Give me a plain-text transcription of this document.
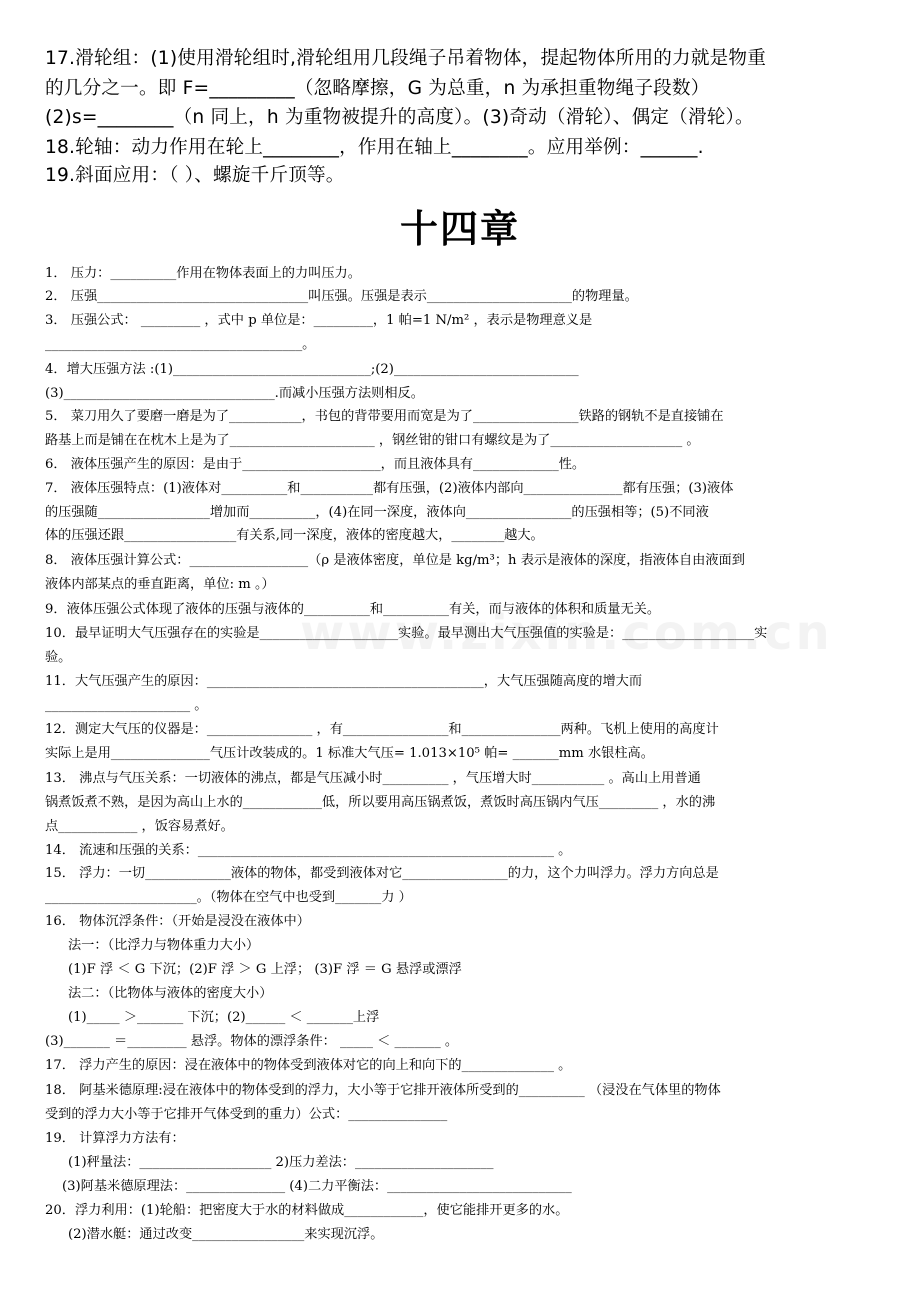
17.滑轮组：(1)使用滑轮组时,滑轮组用几段绳子吊着物体，提起物体所用的力就是物重
的几分之一。即 F=_________（忽略摩擦，G 为总重，n 为承担重物绳子段数）
(2)s=________（n 同上，h 为重物被提升的高度）。(3)奇动（滑轮）、偶定（滑轮）。
18.轮轴：动力作用在轮上________，作用在轴上________。应用举例：______.
19.斜面应用：（ ）、螺旋千斤顶等。
十四章
1． 压力：__________作用在物体表面上的力叫压力。
2． 压强________________________________叫压强。压强是表示______________________的物理量。
3． 压强公式： _________ ，式中 p 单位是：_________，1 帕=1 N/m² ，表示是物理意义是
_______________________________________。
4．增大压强方法 :(1)______________________________;(2)____________________________
(3)________________________________.而减小压强方法则相反。
5． 菜刀用久了要磨一磨是为了___________，书包的背带要用而宽是为了________________铁路的钢轨不是直接铺在
路基上而是铺在在枕木上是为了______________________ ，钢丝钳的钳口有螺纹是为了____________________ 。
6． 液体压强产生的原因：是由于_____________________，而且液体具有_____________性。
7． 液体压强特点：(1)液体对__________和___________都有压强，(2)液体内部向_______________都有压强；(3)液体
的压强随_________________增加而__________，(4)在同一深度，液体向________________的压强相等；(5)不同液
体的压强还跟_________________有关系,同一深度，液体的密度越大，________越大。
8． 液体压强计算公式：__________________（ρ 是液体密度，单位是 kg/m³；h 表示是液体的深度，指液体自由液面到
液体内部某点的垂直距离，单位: m 。）
9．液体压强公式体现了液体的压强与液体的__________和__________有关，而与液体的体积和质量无关。
10．最早证明大气压强存在的实验是_____________________实验。最早测出大气压强值的实验是：____________________实
验。
11．大气压强产生的原因：__________________________________________，大气压强随高度的增大而
______________________ 。
12．测定大气压的仪器是：________________ ，有________________和_______________两种。飞机上使用的高度计
实际上是用_______________气压计改装成的。1 标准大气压= 1.013×10⁵ 帕= _______mm 水银柱高。
13． 沸点与气压关系：一切液体的沸点，都是气压减小时__________ ，气压增大时___________ 。高山上用普通
锅煮饭煮不熟，是因为高山上水的____________低，所以要用高压锅煮饭，煮饭时高压锅内气压_________ ，水的沸
点____________ ，饭容易煮好。
14． 流速和压强的关系：______________________________________________________ 。
15． 浮力：一切_____________液体的物体，都受到液体对它________________的力，这个力叫浮力。浮力方向总是
_______________________。（物体在空气中也受到_______力 ）
16． 物体沉浮条件：（开始是浸没在液体中）
法一：（比浮力与物体重力大小）
(1)F 浮 ＜ G 下沉；(2)F 浮 ＞ G 上浮； (3)F 浮 ＝ G 悬浮或漂浮
法二：（比物体与液体的密度大小）
(1)_____ ＞_______ 下沉；(2)______ ＜ _______上浮
(3)_______ ＝_________ 悬浮。物体的漂浮条件： _____ ＜ _______ 。
17． 浮力产生的原因：浸在液体中的物体受到液体对它的向上和向下的______________ 。
18． 阿基米德原理:浸在液体中的物体受到的浮力，大小等于它排开液体所受到的__________ （浸没在气体里的物体
受到的浮力大小等于它排开气体受到的重力）公式：_______________
19． 计算浮力方法有：
(1)秤量法：____________________ 2)压力差法：_____________________
(3)阿基米德原理法：_______________ (4)二力平衡法：____________________________
20．浮力利用：(1)轮船：把密度大于水的材料做成____________，使它能排开更多的水。
(2)潜水艇：通过改变_________________来实现沉浮。
